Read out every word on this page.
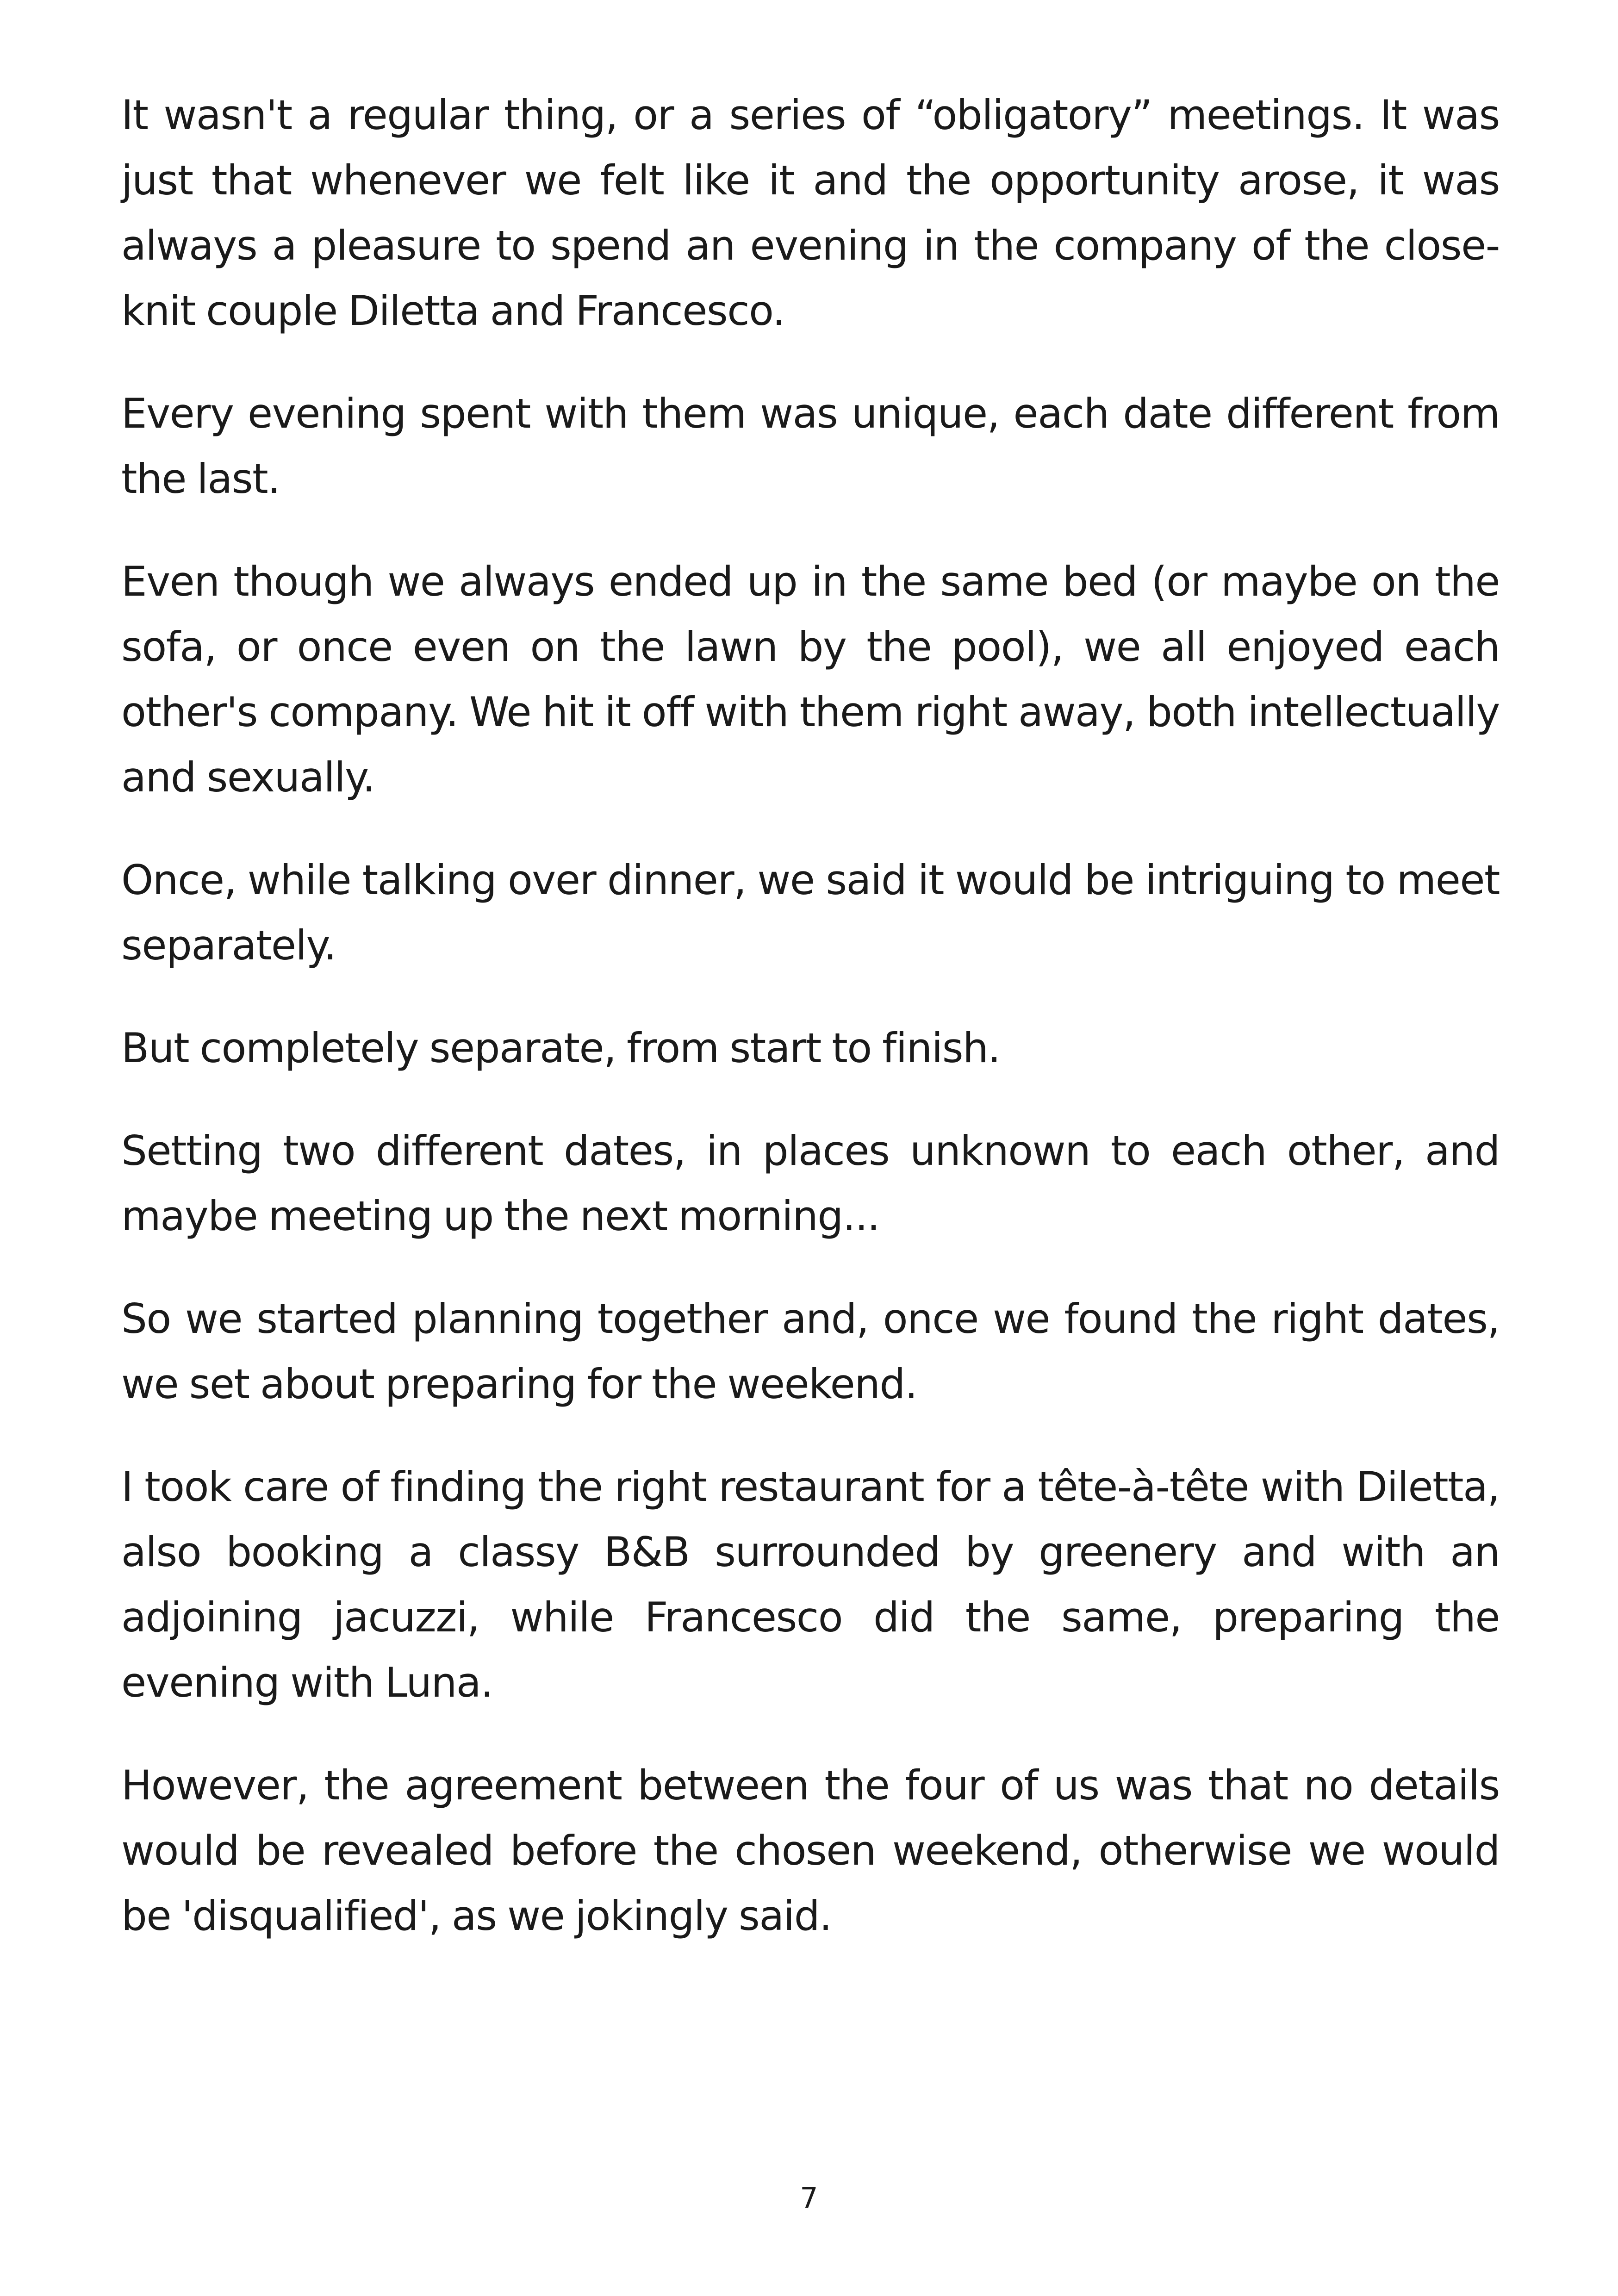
It wasn't a regular thing, or a series of “obligatory” meetings. It was just that whenever we felt like it and the opportunity arose, it was always a pleasure to spend an evening in the company of the close-knit couple Diletta and Francesco.

Every evening spent with them was unique, each date different from the last.

Even though we always ended up in the same bed (or maybe on the sofa, or once even on the lawn by the pool), we all enjoyed each other's company. We hit it off with them right away, both intellectually and sexually.

Once, while talking over dinner, we said it would be intriguing to meet separately.

But completely separate, from start to finish.

Setting two different dates, in places unknown to each other, and maybe meeting up the next morning...

So we started planning together and, once we found the right dates, we set about preparing for the weekend.

I took care of finding the right restaurant for a tête-à-tête with Diletta, also booking a classy B&B surrounded by greenery and with an adjoining jacuzzi, while Francesco did the same, preparing the evening with Luna.

However, the agreement between the four of us was that no details would be revealed before the chosen weekend, otherwise we would be 'disqualified', as we jokingly said.

7
